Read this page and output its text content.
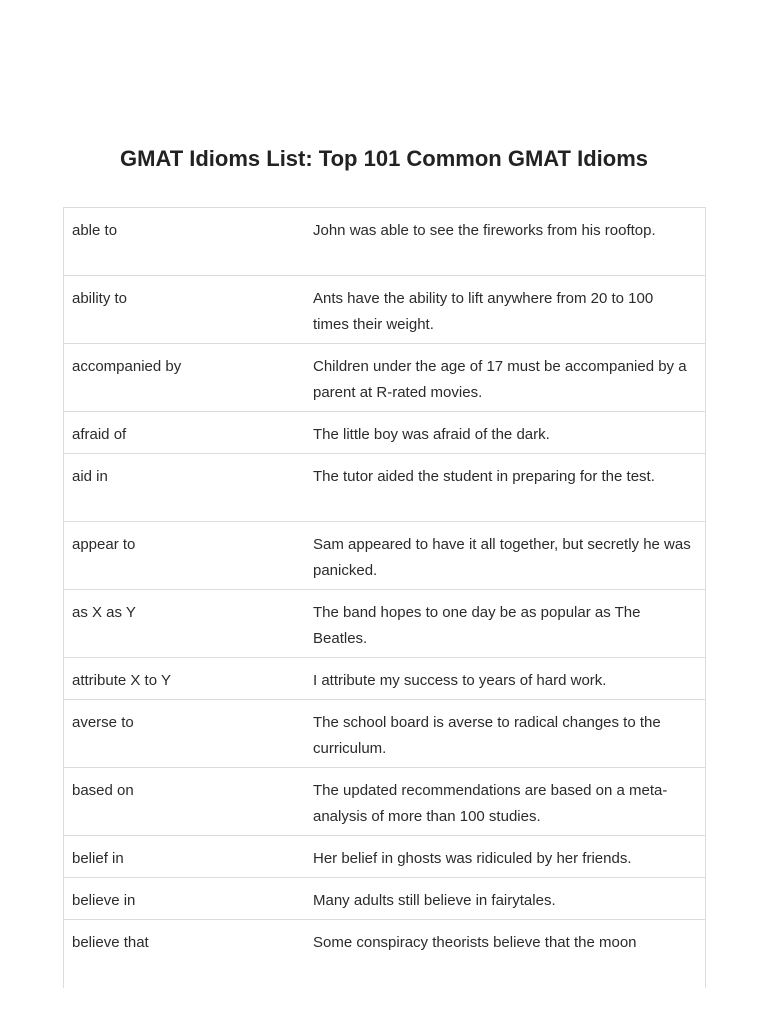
GMAT Idioms List: Top 101 Common GMAT Idioms
able to	John was able to see the fireworks from his rooftop.
ability to	Ants have the ability to lift anywhere from 20 to 100 times their weight.
accompanied by	Children under the age of 17 must be accompanied by a parent at R-rated movies.
afraid of	The little boy was afraid of the dark.
aid in	The tutor aided the student in preparing for the test.
appear to	Sam appeared to have it all together, but secretly he was panicked.
as X as Y	The band hopes to one day be as popular as The Beatles.
attribute X to Y	I attribute my success to years of hard work.
averse to	The school board is averse to radical changes to the curriculum.
based on	The updated recommendations are based on a meta-analysis of more than 100 studies.
belief in	Her belief in ghosts was ridiculed by her friends.
believe in	Many adults still believe in fairytales.
believe that	Some conspiracy theorists believe that the moon
